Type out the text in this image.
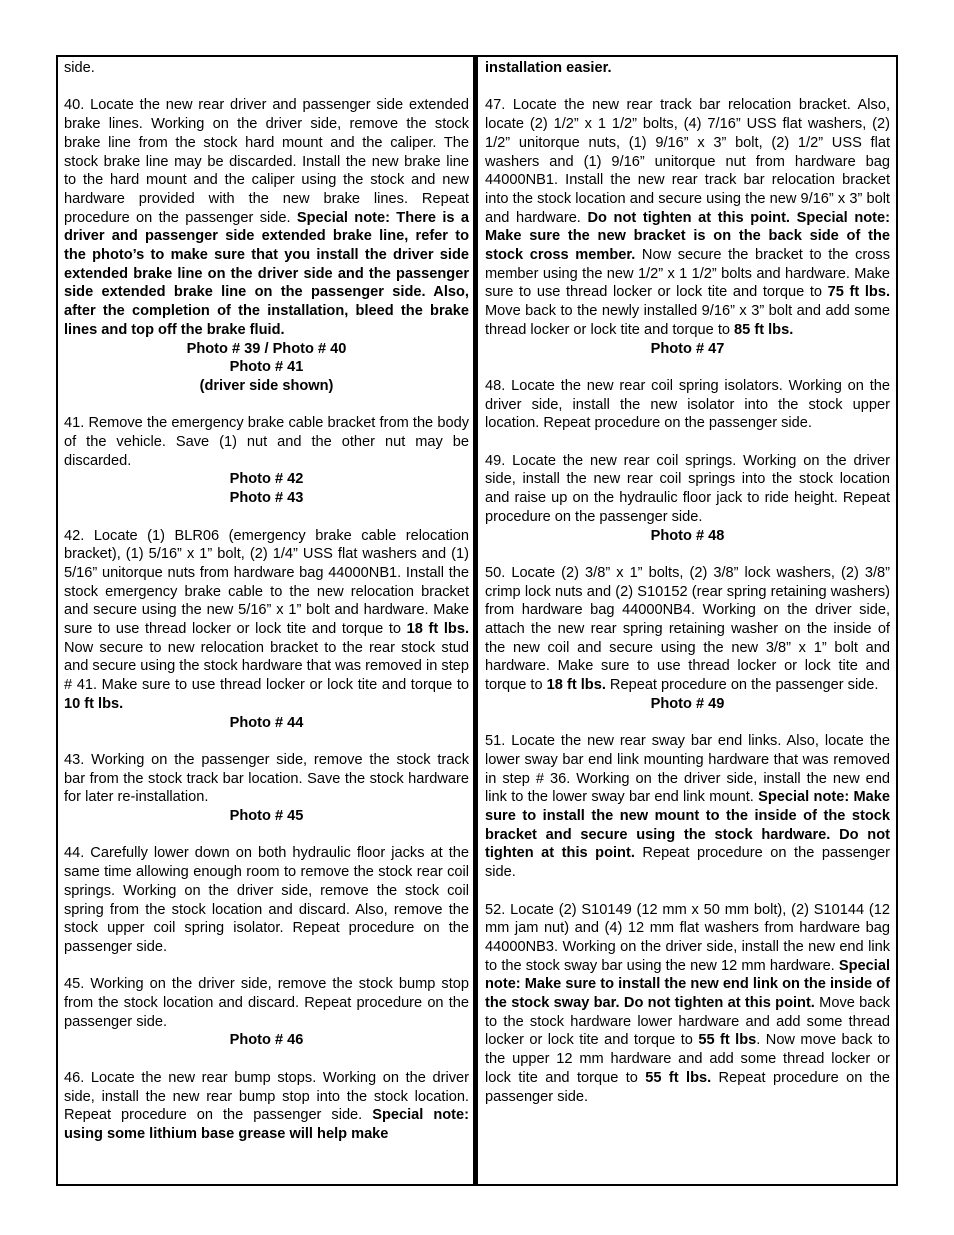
side.

40. Locate the new rear driver and passenger side extended brake lines. Working on the driver side, remove the stock brake line from the stock hard mount and the caliper. The stock brake line may be discarded. Install the new brake line to the hard mount and the caliper using the stock and new hardware provided with the new brake lines. Repeat procedure on the passenger side. Special note: There is a driver and passenger side extended brake line, refer to the photo’s to make sure that you install the driver side extended brake line on the driver side and the passenger side extended brake line on the passenger side. Also, after the completion of the installation, bleed the brake lines and top off the brake fluid.

Photo # 39 / Photo # 40
Photo # 41
(driver side shown)

41. Remove the emergency brake cable bracket from the body of the vehicle. Save (1) nut and the other nut may be discarded.

Photo # 42
Photo # 43

42. Locate (1) BLR06 (emergency brake cable relocation bracket), (1) 5/16” x 1” bolt, (2) 1/4” USS flat washers and (1) 5/16” unitorque nuts from hardware bag 44000NB1. Install the stock emergency brake cable to the new relocation bracket and secure using the new 5/16” x 1” bolt and hardware. Make sure to use thread locker or lock tite and torque to 18 ft lbs. Now secure to new relocation bracket to the rear stock stud and secure using the stock hardware that was removed in step # 41. Make sure to use thread locker or lock tite and torque to 10 ft lbs.

Photo # 44

43. Working on the passenger side, remove the stock track bar from the stock track bar location. Save the stock hardware for later re-installation.

Photo # 45

44. Carefully lower down on both hydraulic floor jacks at the same time allowing enough room to remove the stock rear coil springs. Working on the driver side, remove the stock coil spring from the stock location and discard. Also, remove the stock upper coil spring isolator. Repeat procedure on the passenger side.

45. Working on the driver side, remove the stock bump stop from the stock location and discard. Repeat procedure on the passenger side.

Photo # 46

46. Locate the new rear bump stops. Working on the driver side, install the new rear bump stop into the stock location. Repeat procedure on the passenger side. Special note: using some lithium base grease will help make

installation easier.

47. Locate the new rear track bar relocation bracket. Also, locate (2) 1/2” x 1 1/2” bolts, (4) 7/16” USS flat washers, (2) 1/2” unitorque nuts, (1) 9/16” x 3” bolt, (2) 1/2” USS flat washers and (1) 9/16” unitorque nut from hardware bag 44000NB1. Install the new rear track bar relocation bracket into the stock location and secure using the new 9/16” x 3” bolt and hardware. Do not tighten at this point. Special note: Make sure the new bracket is on the back side of the stock cross member. Now secure the bracket to the cross member using the new 1/2” x 1 1/2” bolts and hardware. Make sure to use thread locker or lock tite and torque to 75 ft lbs. Move back to the newly installed 9/16” x 3” bolt and add some thread locker or lock tite and torque to 85 ft lbs.

Photo # 47

48. Locate the new rear coil spring isolators. Working on the driver side, install the new isolator into the stock upper location. Repeat procedure on the passenger side.

49. Locate the new rear coil springs. Working on the driver side, install the new rear coil springs into the stock location and raise up on the hydraulic floor jack to ride height. Repeat procedure on the passenger side.

Photo # 48

50. Locate (2) 3/8” x 1” bolts, (2) 3/8” lock washers, (2) 3/8” crimp lock nuts and (2) S10152 (rear spring retaining washers) from hardware bag 44000NB4. Working on the driver side, attach the new rear spring retaining washer on the inside of the new coil and secure using the new 3/8” x 1” bolt and hardware. Make sure to use thread locker or lock tite and torque to 18 ft lbs. Repeat procedure on the passenger side.

Photo # 49

51. Locate the new rear sway bar end links. Also, locate the lower sway bar end link mounting hardware that was removed in step # 36. Working on the driver side, install the new end link to the lower sway bar end link mount. Special note: Make sure to install the new mount to the inside of the stock bracket and secure using the stock hardware. Do not tighten at this point. Repeat procedure on the passenger side.

52. Locate (2) S10149 (12 mm x 50 mm bolt), (2) S10144 (12 mm jam nut) and (4) 12 mm flat washers from hardware bag 44000NB3. Working on the driver side, install the new end link to the stock sway bar using the new 12 mm hardware. Special note: Make sure to install the new end link on the inside of the stock sway bar. Do not tighten at this point. Move back to the stock hardware lower hardware and add some thread locker or lock tite and torque to 55 ft lbs. Now move back to the upper 12 mm hardware and add some thread locker or lock tite and torque to 55 ft lbs. Repeat procedure on the passenger side.
